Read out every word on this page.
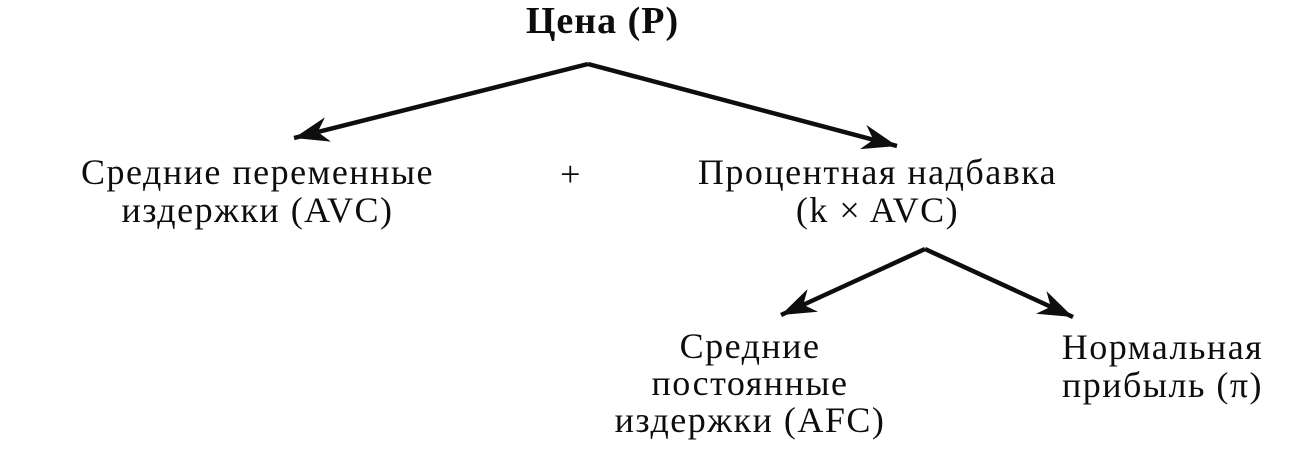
Цена (P)
Средние переменные
издержки (AVC)
+	Процентная надбавка
(k × AVC)
Средние
постоянные
издержки (AFC)
Нормальная
прибыль (π)
